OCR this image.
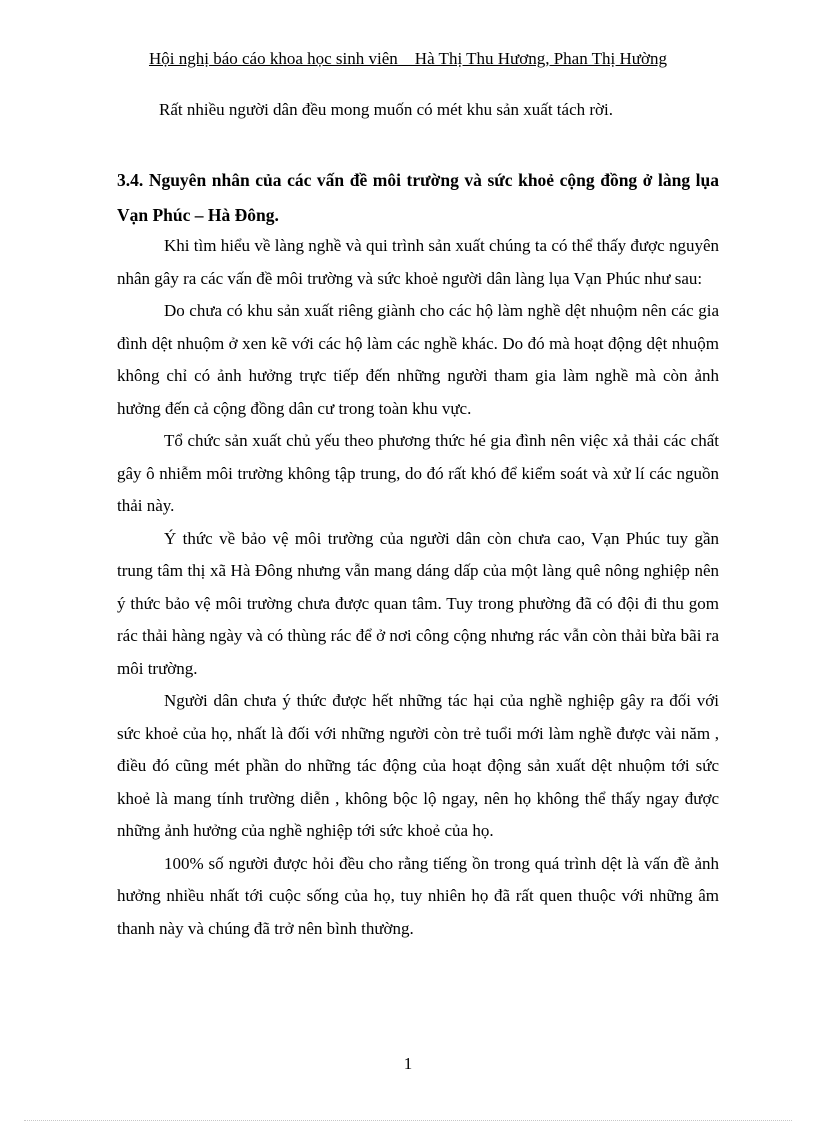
Hội nghị báo cáo khoa học sinh viên _ Hà Thị Thu Hương, Phan Thị Hường
Rất nhiều người dân đều mong muốn có mét khu sản xuất tách rời.

3.4. Nguyên nhân của các vấn đề môi trường và sức khoẻ cộng đồng ở làng lụa Vạn Phúc – Hà Đông.

Khi tìm hiểu về làng nghề và qui trình sản xuất chúng ta có thể thấy được nguyên nhân gây ra các vấn đề môi trường và sức khoẻ người dân làng lụa Vạn Phúc như sau:

Do chưa có khu sản xuất riêng giành cho các hộ làm nghề dệt nhuộm nên các gia đình dệt nhuộm ở xen kẽ với các hộ làm các nghề khác. Do đó mà hoạt động dệt nhuộm không chỉ có ảnh hưởng trực tiếp đến những người tham gia làm nghề mà còn ảnh hưởng đến cả cộng đồng dân cư trong toàn khu vực.

Tổ chức sản xuất chủ yếu theo phương thức hé gia đình nên việc xả thải các chất gây ô nhiễm môi trường không tập trung, do đó rất khó để kiểm soát và xử lí các nguồn thải này.

Ý thức về bảo vệ môi trường của người dân còn chưa cao, Vạn Phúc tuy gần trung tâm thị xã Hà Đông nhưng vẫn mang dáng dấp của một làng quê nông nghiệp nên ý thức bảo vệ môi trường chưa được quan tâm. Tuy trong phường đã có đội đi thu gom rác thải hàng ngày và có thùng rác để ở nơi công cộng nhưng rác vẫn còn thải bừa bãi ra môi trường.

Người dân chưa ý thức được hết những tác hại của nghề nghiệp gây ra đối với sức khoẻ của họ, nhất là đối với những người còn trẻ tuổi mới làm nghề được vài năm , điều đó cũng mét phần do những tác động của hoạt động sản xuất dệt nhuộm tới sức khoẻ là mang tính trường diễn , không bộc lộ ngay, nên họ không thể thấy ngay được những ảnh hưởng của nghề nghiệp tới sức khoẻ của họ.

100% số người được hỏi đều cho rằng tiếng ồn trong quá trình dệt là vấn đề ảnh hưởng nhiều nhất tới cuộc sống của họ, tuy nhiên họ đã rất quen thuộc với những âm thanh này và chúng đã trở nên bình thường.

1
